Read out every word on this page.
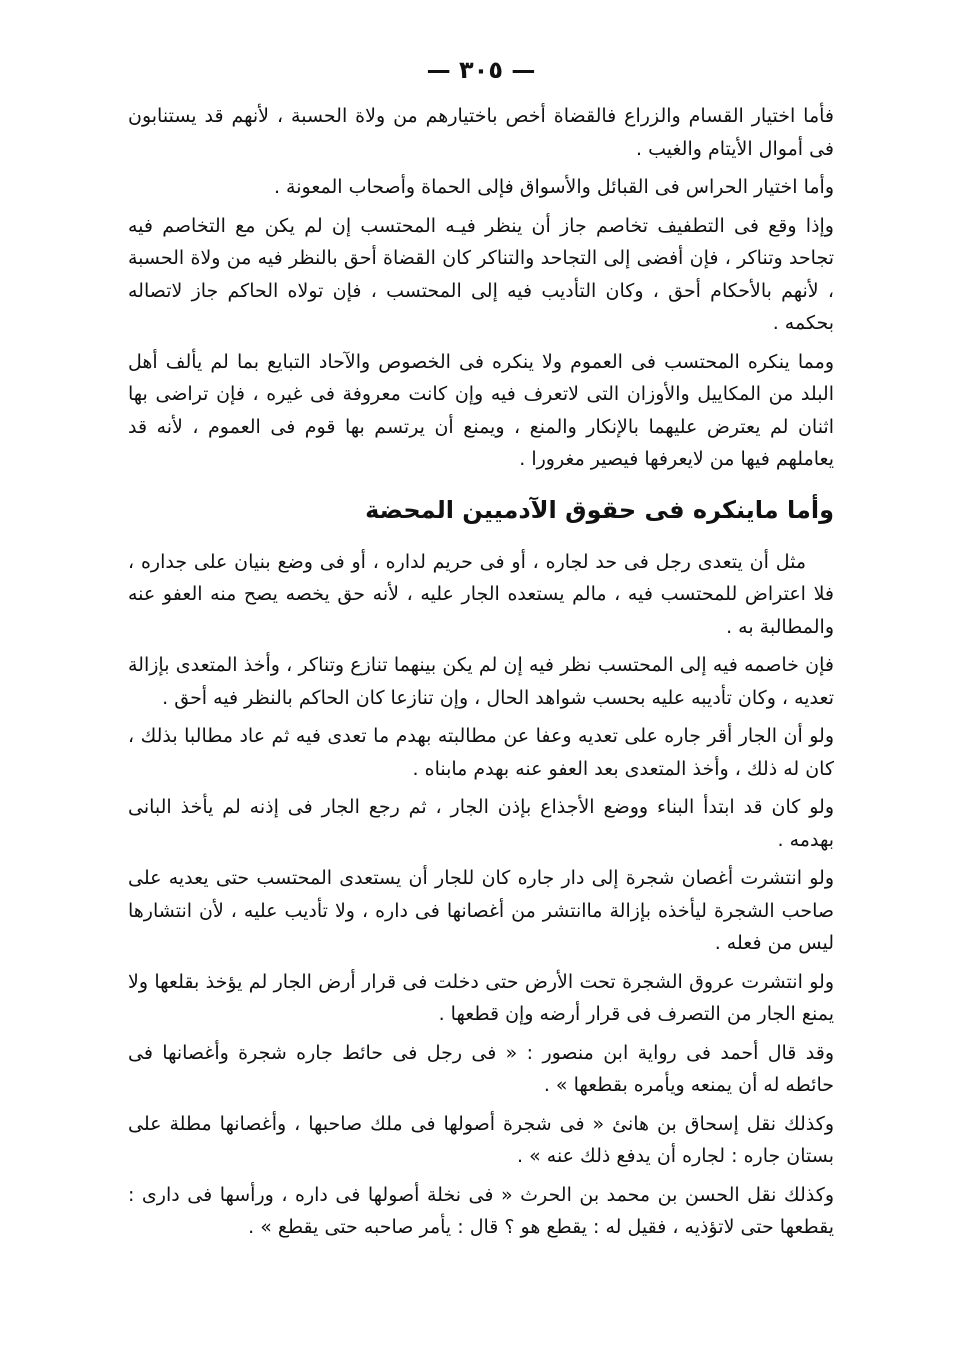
— ٣٠٥ —

فأما اختيار القسام والزراع فالقضاة أخص باختيارهم من ولاة الحسبة ، لأنهم قد يستنابون فى أموال الأيتام والغيب .

وأما اختيار الحراس فى القبائل والأسواق فإلى الحماة وأصحاب المعونة .

وإذا وقع فى التطفيف تخاصم جاز أن ينظر فيـه المحتسب إن لم يكن مع التخاصم فيه تجاحد وتناكر ، فإن أفضى إلى التجاحد والتناكر كان القضاة أحق بالنظر فيه من ولاة الحسبة ، لأنهم بالأحكام أحق ، وكان التأديب فيه إلى المحتسب ، فإن تولاه الحاكم جاز لاتصاله بحكمه .

ومما ينكره المحتسب فى العموم ولا ينكره فى الخصوص والآحاد التبايع بما لم يألف أهل البلد من المكاييل والأوزان التى لاتعرف فيه وإن كانت معروفة فى غيره ، فإن تراضى بها اثنان لم يعترض عليهما بالإنكار والمنع ، ويمنع أن يرتسم بها قوم فى العموم ، لأنه قد يعاملهم فيها من لايعرفها فيصير مغرورا .

وأما ماينكره فى حقوق الآدميين المحضة

مثل أن يتعدى رجل فى حد لجاره ، أو فى حريم لداره ، أو فى وضع بنيان على جداره ، فلا اعتراض للمحتسب فيه ، مالم يستعده الجار عليه ، لأنه حق يخصه يصح منه العفو عنه والمطالبة به .

فإن خاصمه فيه إلى المحتسب نظر فيه إن لم يكن بينهما تنازع وتناكر ، وأخذ المتعدى بإزالة تعديه ، وكان تأديبه عليه بحسب شواهد الحال ، وإن تنازعا كان الحاكم بالنظر فيه أحق .

ولو أن الجار أقر جاره على تعديه وعفا عن مطالبته بهدم ما تعدى فيه ثم عاد مطالبا بذلك ، كان له ذلك ، وأخذ المتعدى بعد العفو عنه بهدم مابناه .

ولو كان قد ابتدأ البناء ووضع الأجذاع بإذن الجار ، ثم رجع الجار فى إذنه لم يأخذ البانى بهدمه .

ولو انتشرت أغصان شجرة إلى دار جاره كان للجار أن يستعدى المحتسب حتى يعديه على صاحب الشجرة ليأخذه بإزالة ماانتشر من أغصانها فى داره ، ولا تأديب عليه ، لأن انتشارها ليس من فعله .

ولو انتشرت عروق الشجرة تحت الأرض حتى دخلت فى قرار أرض الجار لم يؤخذ بقلعها ولا يمنع الجار من التصرف فى قرار أرضه وإن قطعها .

وقد قال أحمد فى رواية ابن منصور : « فى رجل فى حائط جاره شجرة وأغصانها فى حائطه له أن يمنعه ويأمره بقطعها » .

وكذلك نقل إسحاق بن هانئ « فى شجرة أصولها فى ملك صاحبها ، وأغصانها مطلة على بستان جاره : لجاره أن يدفع ذلك عنه » .

وكذلك نقل الحسن بن محمد بن الحرث « فى نخلة أصولها فى داره ، ورأسها فى دارى : يقطعها حتى لاتؤذيه ، فقيل له : يقطع هو ؟ قال : يأمر صاحبه حتى يقطع » .
